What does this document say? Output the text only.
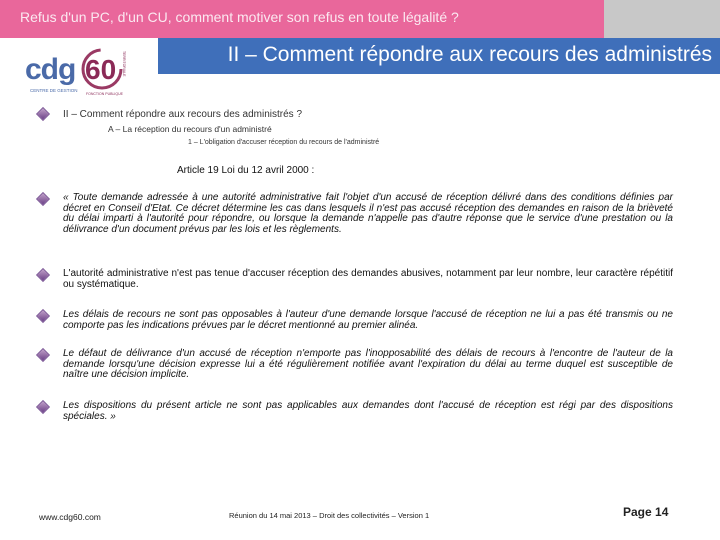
Refus d'un PC, d'un CU, comment motiver son refus en toute légalité ?
II – Comment répondre aux recours des administrés
cdg 60
CENTRE DE GESTION
FONCTION PUBLIQUE
TERRITORIALE
II – Comment répondre aux recours des administrés ?
A – La réception du recours d'un administré
1 – L'obligation d'accuser réception du recours de l'administré
Article 19 Loi du 12 avril 2000 :
« Toute demande adressée à une autorité administrative fait l'objet d'un accusé de réception délivré dans des conditions définies par décret en Conseil d'Etat. Ce décret détermine les cas dans lesquels il n'est pas accusé réception des demandes en raison de la brièveté du délai imparti à l'autorité pour répondre, ou lorsque la demande n'appelle pas d'autre réponse que le service d'une prestation ou la délivrance d'un document prévus par les lois et les règlements.
L'autorité administrative n'est pas tenue d'accuser réception des demandes abusives, notamment par leur nombre, leur caractère répétitif ou systématique.
Les délais de recours ne sont pas opposables à l'auteur d'une demande lorsque l'accusé de réception ne lui a pas été transmis ou ne comporte pas les indications prévues par le décret mentionné au premier alinéa.
Le défaut de délivrance d'un accusé de réception n'emporte pas l'inopposabilité des délais de recours à l'encontre de l'auteur de la demande lorsqu'une décision expresse lui a été régulièrement notifiée avant l'expiration du délai au terme duquel est susceptible de naître une décision implicite.
Les dispositions du présent article ne sont pas applicables aux demandes dont l'accusé de réception est régi par des dispositions spéciales. »
www.cdg60.com	Réunion du 14 mai 2013 – Droit des collectivités – Version 1	Page 14
